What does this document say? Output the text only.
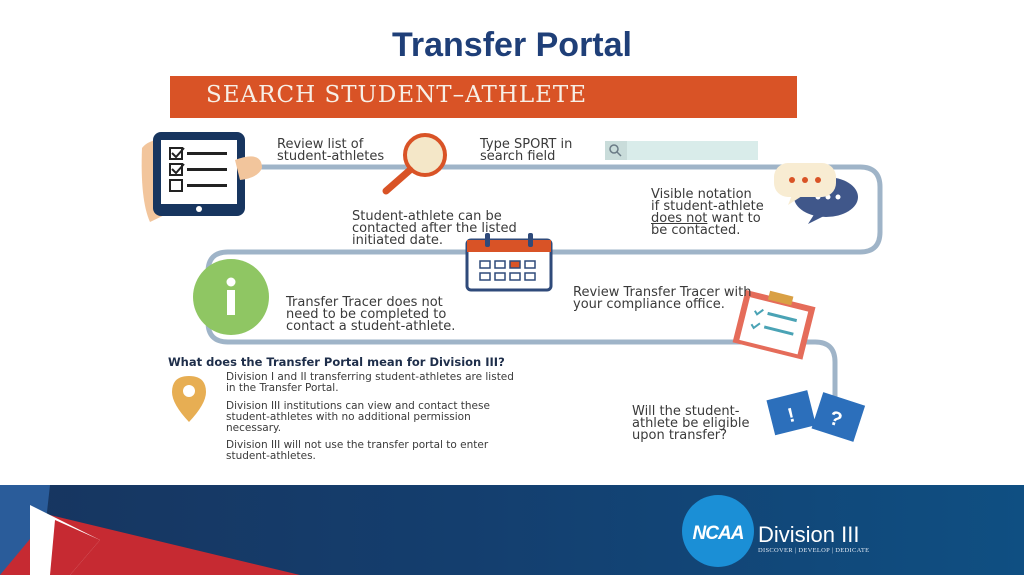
Transfer Portal
SEARCH STUDENT–ATHLETE
! ?
Review list of
student-athletes
Type SPORT in
search field
Visible notation
if student-athlete
does not want to
be contacted.
Student-athlete can be
contacted after the listed
initiated date.
Review Transfer Tracer with
your compliance office.
Transfer Tracer does not
need to be completed to
contact a student-athlete.
Will the student-
athlete be eligible
upon transfer?
What does the Transfer Portal mean for Division III?
Division I and II transferring student-athletes are listed
in the Transfer Portal.
Division III institutions can view and contact these
student-athletes with no additional permission
necessary.
Division III will not use the transfer portal to enter
student-athletes.
NCAA Division III
DISCOVER | DEVELOP | DEDICATE
